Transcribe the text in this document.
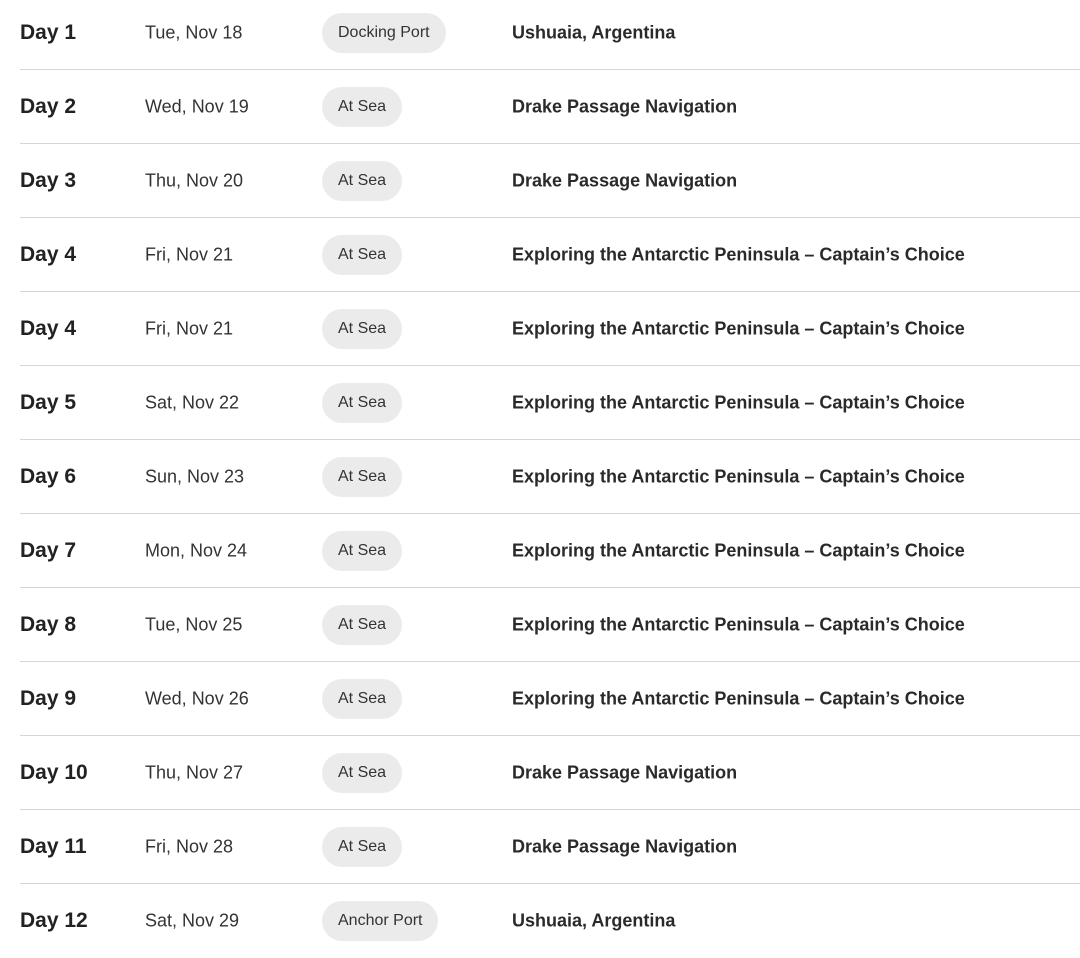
Day 1	Tue, Nov 18	Docking Port	Ushuaia, Argentina
Day 2	Wed, Nov 19	At Sea	Drake Passage Navigation
Day 3	Thu, Nov 20	At Sea	Drake Passage Navigation
Day 4	Fri, Nov 21	At Sea	Exploring the Antarctic Peninsula – Captain’s Choice
Day 4	Fri, Nov 21	At Sea	Exploring the Antarctic Peninsula – Captain’s Choice
Day 5	Sat, Nov 22	At Sea	Exploring the Antarctic Peninsula – Captain’s Choice
Day 6	Sun, Nov 23	At Sea	Exploring the Antarctic Peninsula – Captain’s Choice
Day 7	Mon, Nov 24	At Sea	Exploring the Antarctic Peninsula – Captain’s Choice
Day 8	Tue, Nov 25	At Sea	Exploring the Antarctic Peninsula – Captain’s Choice
Day 9	Wed, Nov 26	At Sea	Exploring the Antarctic Peninsula – Captain’s Choice
Day 10	Thu, Nov 27	At Sea	Drake Passage Navigation
Day 11	Fri, Nov 28	At Sea	Drake Passage Navigation
Day 12	Sat, Nov 29	Anchor Port	Ushuaia, Argentina
